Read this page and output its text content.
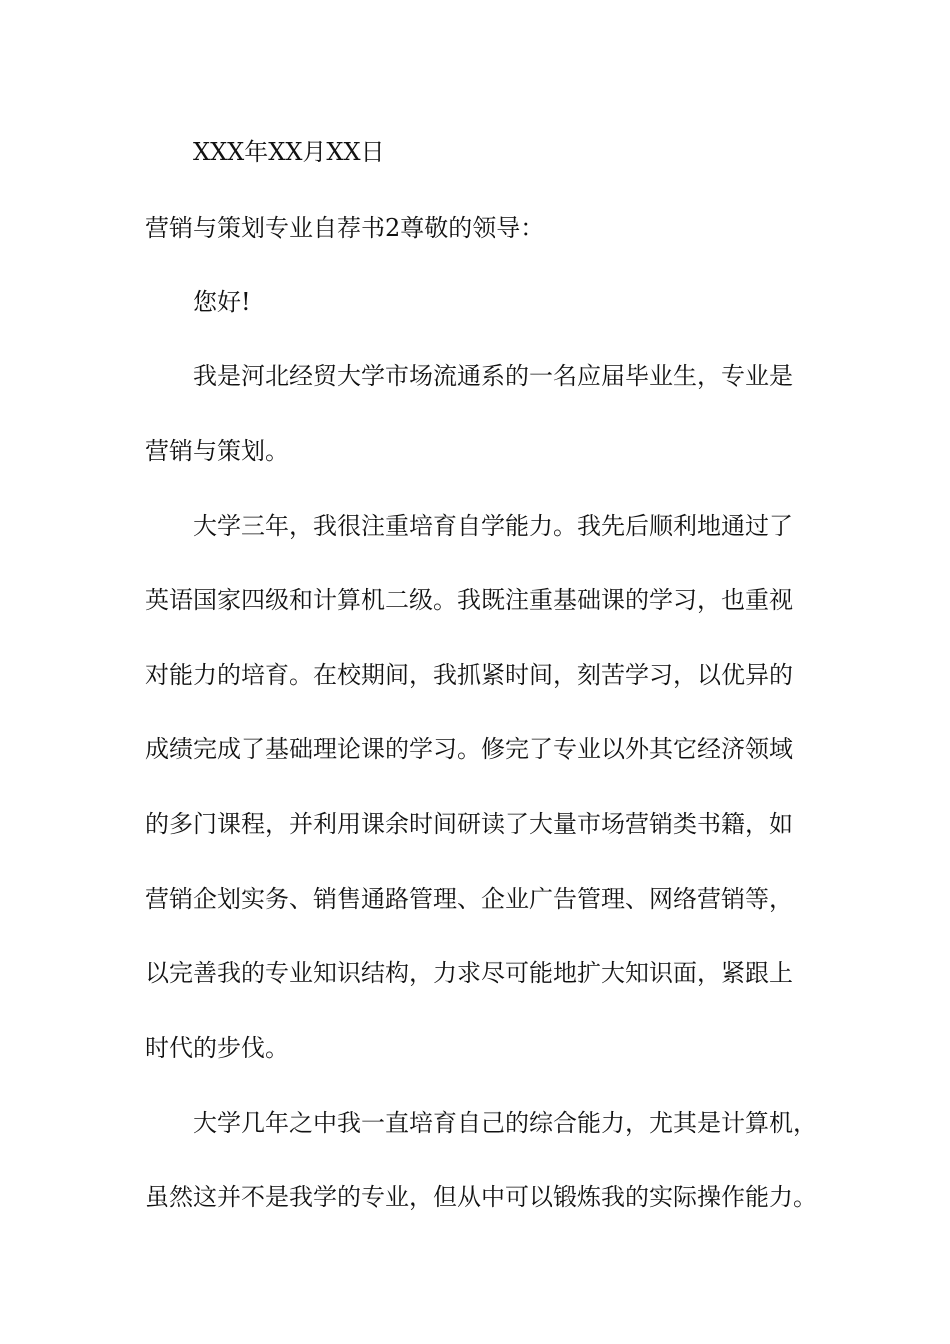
XXX年XX月XX日

营销与策划专业自荐书2尊敬的领导：

您好!

我是河北经贸大学市场流通系的一名应届毕业生，专业是

营销与策划。

大学三年，我很注重培育自学能力。我先后顺利地通过了

英语国家四级和计算机二级。我既注重基础课的学习，也重视

对能力的培育。在校期间，我抓紧时间，刻苦学习，以优异的

成绩完成了基础理论课的学习。修完了专业以外其它经济领域

的多门课程，并利用课余时间研读了大量市场营销类书籍，如

营销企划实务、销售通路管理、企业广告管理、网络营销等，

以完善我的专业知识结构，力求尽可能地扩大知识面，紧跟上

时代的步伐。

大学几年之中我一直培育自己的综合能力，尤其是计算机，

虽然这并不是我学的专业，但从中可以锻炼我的实际操作能力。
